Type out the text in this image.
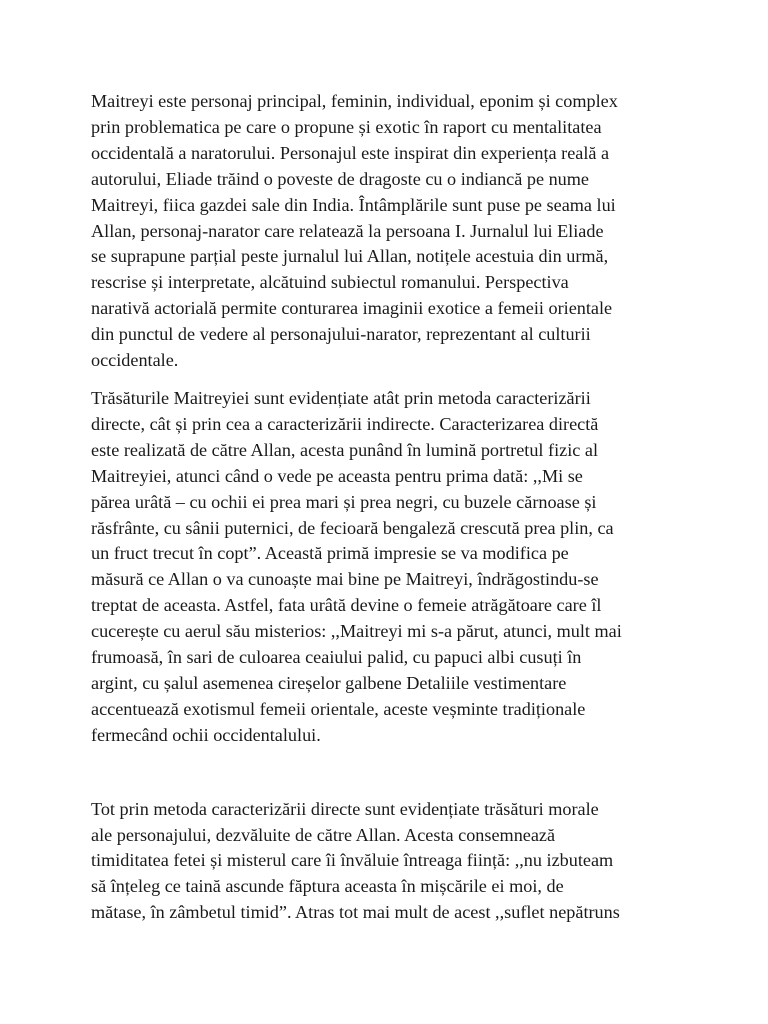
Maitreyi este personaj principal, feminin, individual, eponim și complex
prin problematica pe care o propune și exotic în raport cu mentalitatea
occidentală a naratorului. Personajul este inspirat din experiența reală a
autorului, Eliade trăind o poveste de dragoste cu o indiancă pe nume
Maitreyi, fiica gazdei sale din India. Întâmplările sunt puse pe seama lui
Allan, personaj-narator care relatează la persoana I. Jurnalul lui Eliade
se suprapune parțial peste jurnalul lui Allan, notițele acestuia din urmă,
rescrise și interpretate, alcătuind subiectul romanului. Perspectiva
narativă actorială permite conturarea imaginii exotice a femeii orientale
din punctul de vedere al personajului-narator, reprezentant al culturii
occidentale.

Trăsăturile Maitreyiei sunt evidențiate atât prin metoda caracterizării
directe, cât și prin cea a caracterizării indirecte. Caracterizarea directă
este realizată de către Allan, acesta punând în lumină portretul fizic al
Maitreyiei, atunci când o vede pe aceasta pentru prima dată: ,,Mi se
părea urâtă – cu ochii ei prea mari și prea negri, cu buzele cărnoase și
răsfrânte, cu sânii puternici, de fecioară bengaleză crescută prea plin, ca
un fruct trecut în copt”. Această primă impresie se va modifica pe
măsură ce Allan o va cunoaște mai bine pe Maitreyi, îndrăgostindu-se
treptat de aceasta. Astfel, fata urâtă devine o femeie atrăgătoare care îl
cucerește cu aerul său misterios: ,,Maitreyi mi s-a părut, atunci, mult mai
frumoasă, în sari de culoarea ceaiului palid, cu papuci albi cusuți în
argint, cu șalul asemenea cireșelor galbene Detaliile vestimentare
accentuează exotismul femeii orientale, aceste veșminte tradiționale
fermecând ochii occidentalului.

Tot prin metoda caracterizării directe sunt evidențiate trăsături morale
ale personajului, dezvăluite de către Allan. Acesta consemnează
timiditatea fetei și misterul care îi învăluie întreaga ființă: ,,nu izbuteam
să înțeleg ce taină ascunde făptura aceasta în mișcările ei moi, de
mătase, în zâmbetul timid”. Atras tot mai mult de acest ,,suflet nepătruns
